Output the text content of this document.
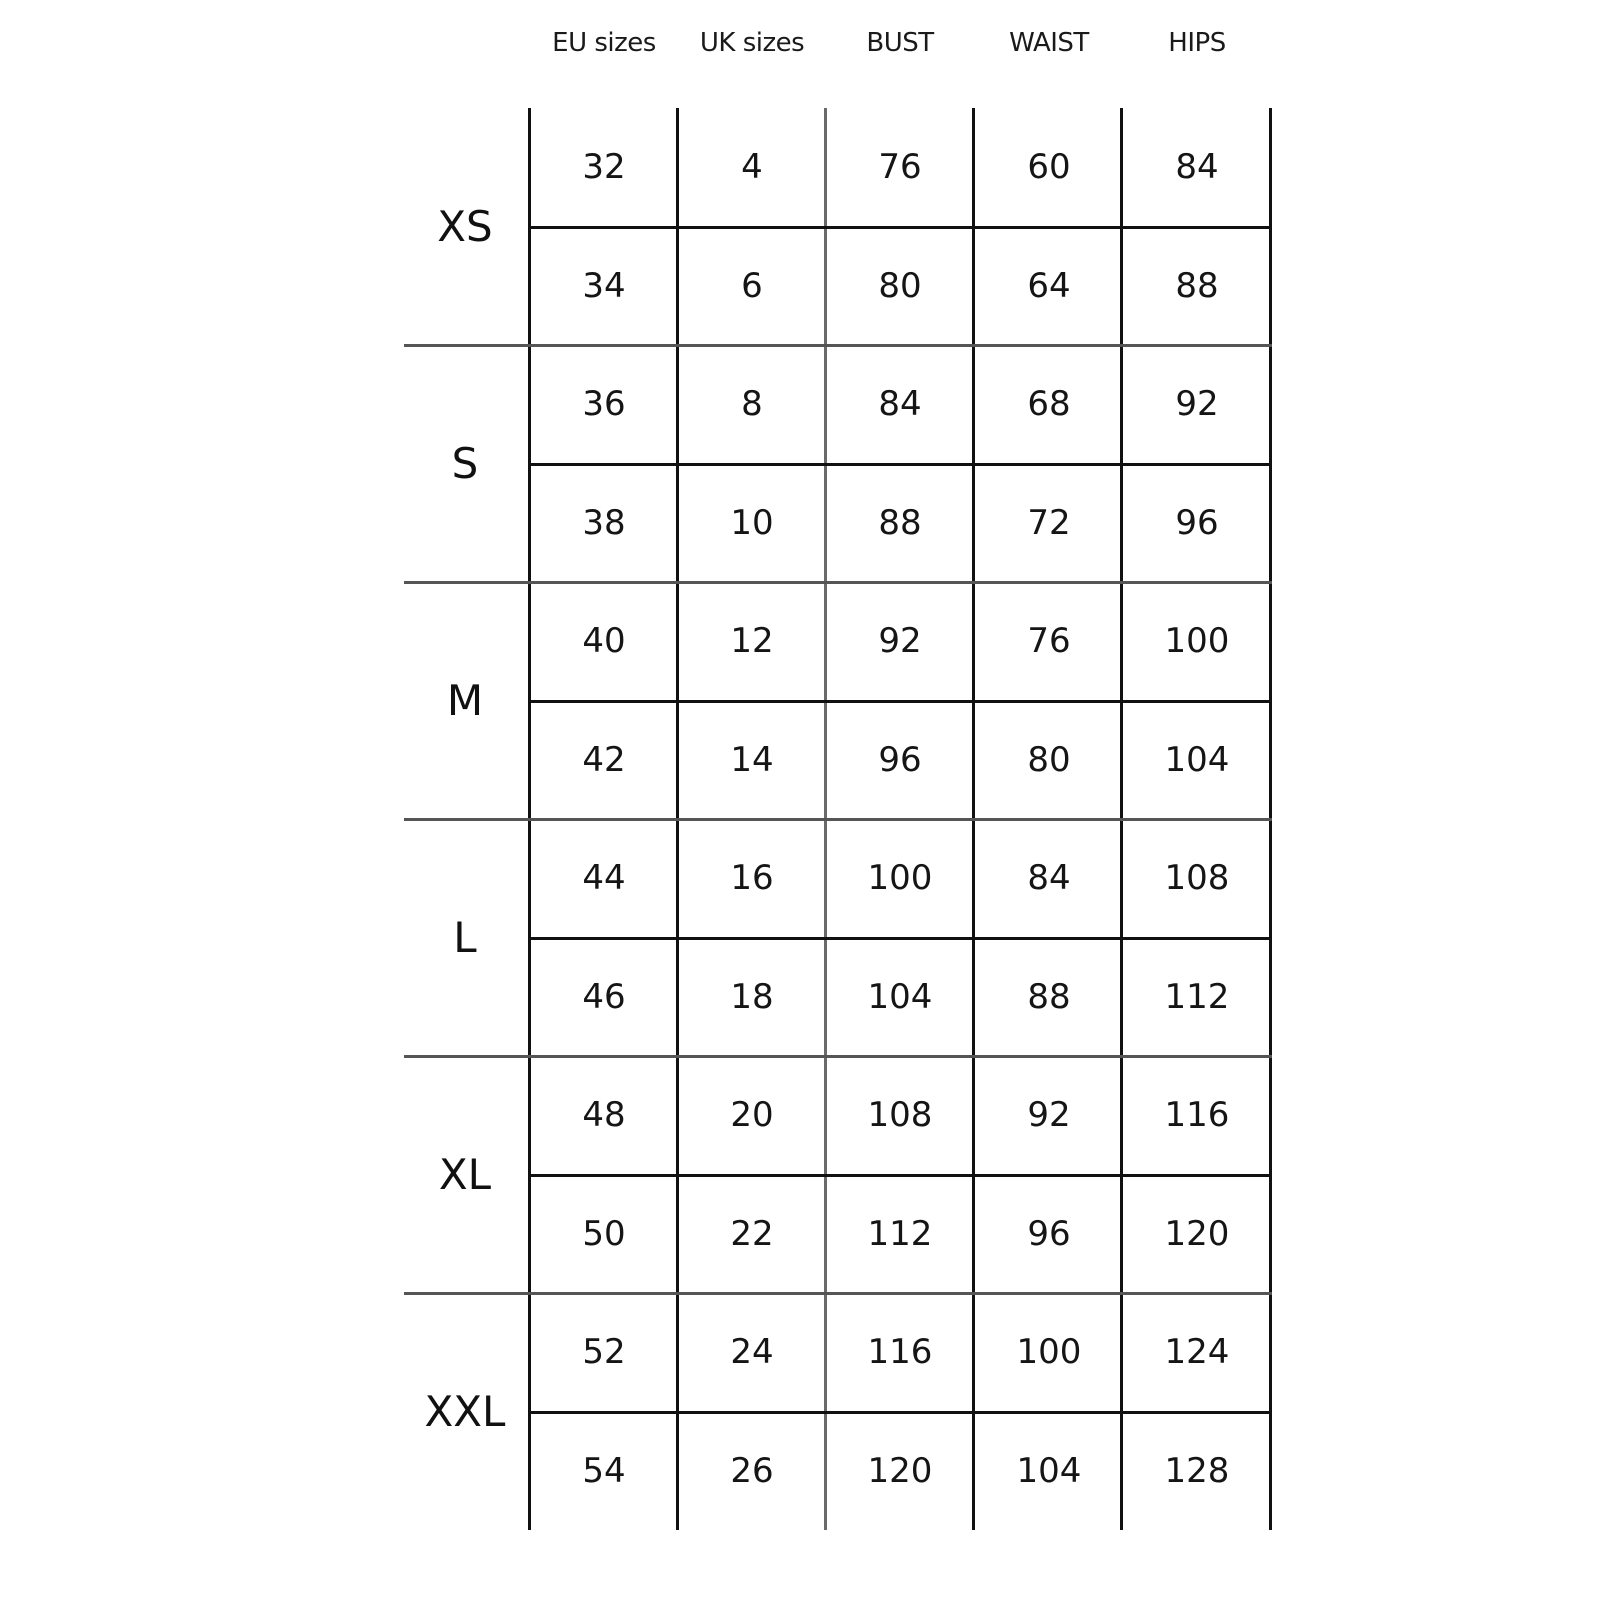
EU sizes	UK sizes	BUST	WAIST	HIPS
XS
32	4	76	60	84
34	6	80	64	88
S
36	8	84	68	92
38	10	88	72	96
M
40	12	92	76	100
42	14	96	80	104
L
44	16	100	84	108
46	18	104	88	112
XL
48	20	108	92	116
50	22	112	96	120
XXL
52	24	116	100	124
54	26	120	104	128
